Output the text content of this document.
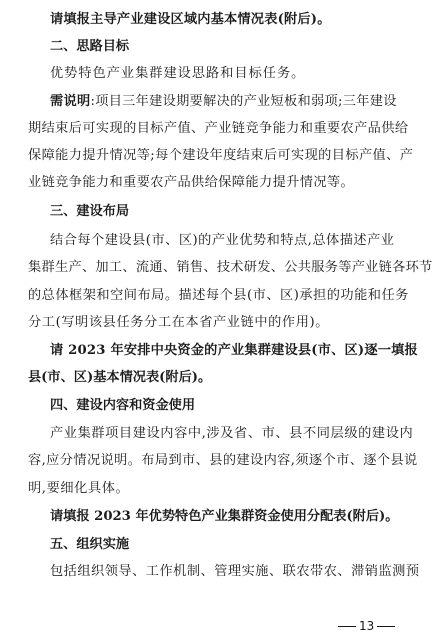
请填报主导产业建设区域内基本情况表(附后)。
二、思路目标
优势特色产业集群建设思路和目标任务。
需说明:项目三年建设期要解决的产业短板和弱项;三年建设
期结束后可实现的目标产值、产业链竞争能力和重要农产品供给
保障能力提升情况等;每个建设年度结束后可实现的目标产值、产
业链竞争能力和重要农产品供给保障能力提升情况等。
三、建设布局
结合每个建设县(市、区)的产业优势和特点,总体描述产业
集群生产、加工、流通、销售、技术研发、公共服务等产业链各环节
的总体框架和空间布局。描述每个县(市、区)承担的功能和任务
分工(写明该县任务分工在本省产业链中的作用)。
请 2023 年安排中央资金的产业集群建设县(市、区)逐一填报
县(市、区)基本情况表(附后)。
四、建设内容和资金使用
产业集群项目建设内容中,涉及省、市、县不同层级的建设内
容,应分情况说明。布局到市、县的建设内容,须逐个市、逐个县说
明,要细化具体。
请填报 2023 年优势特色产业集群资金使用分配表(附后)。
五、组织实施
包括组织领导、工作机制、管理实施、联农带农、滞销监测预
13
